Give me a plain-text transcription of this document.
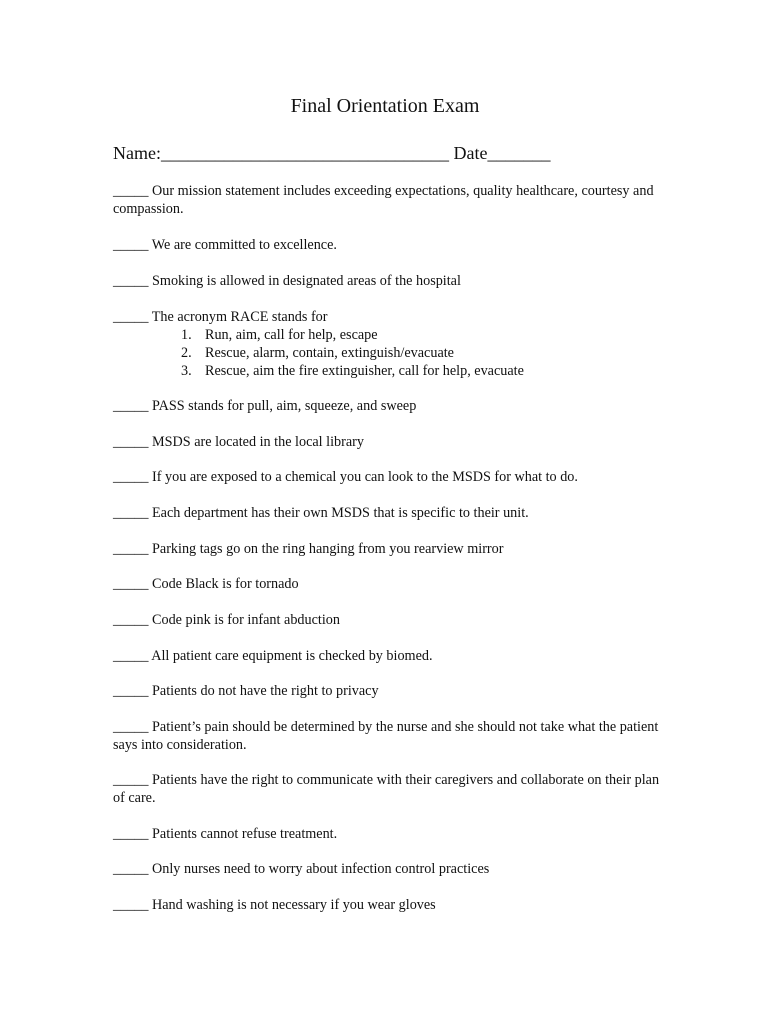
Final Orientation Exam
Name:________________________________ Date_______
_____ Our mission statement includes exceeding expectations, quality healthcare, courtesy and compassion.
_____ We are committed to excellence.
_____ Smoking is allowed in designated areas of the hospital
_____ The acronym RACE stands for
1. Run, aim, call for help, escape
2. Rescue, alarm, contain, extinguish/evacuate
3. Rescue, aim the fire extinguisher, call for help, evacuate
_____ PASS stands for pull, aim, squeeze, and sweep
_____ MSDS are located in the local library
_____ If you are exposed to a chemical you can look to the MSDS for what to do.
_____ Each department has their own MSDS that is specific to their unit.
_____ Parking tags go on the ring hanging from you rearview mirror
_____ Code Black is for tornado
_____ Code pink is for infant abduction
_____ All patient care equipment is checked by biomed.
_____ Patients do not have the right to privacy
_____ Patient’s pain should be determined by the nurse and she should not take what the patient says into consideration.
_____ Patients have the right to communicate with their caregivers and collaborate on their plan of care.
_____ Patients cannot refuse treatment.
_____ Only nurses need to worry about infection control practices
_____ Hand washing is not necessary if you wear gloves
